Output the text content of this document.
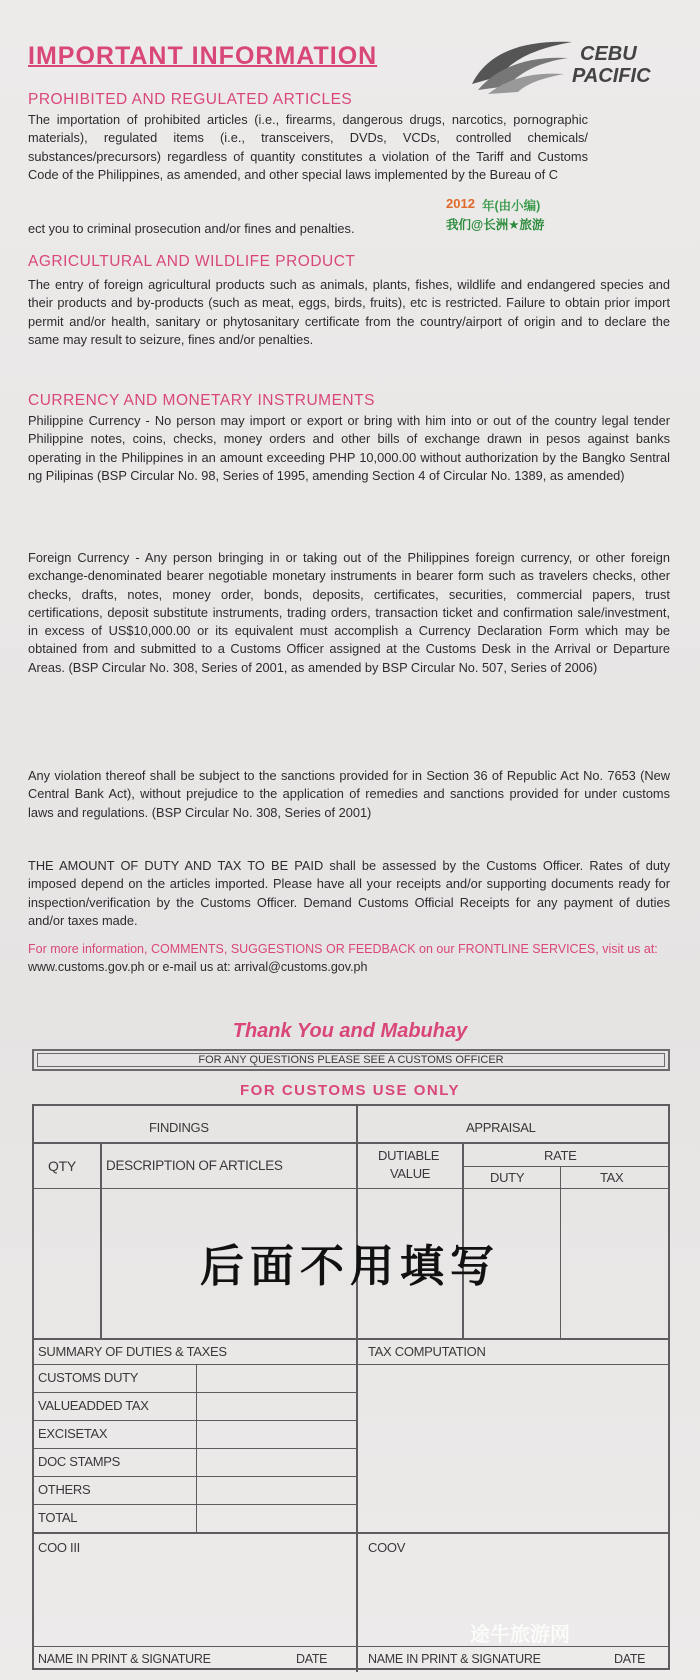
IMPORTANT INFORMATION	CEBU
PACIFIC
PROHIBITED AND REGULATED ARTICLES
The importation of prohibited articles (i.e., firearms, dangerous drugs, narcotics, pornographic materials), regulated items (i.e., transceivers, DVDs, VCDs, controlled chemicals/ substances/precursors) regardless of quantity constitutes a violation of the Tariff and Customs Code of the Philippines, as amended, and other special laws implemented by the Bureau of C
2012 年(由小编)
我们@长洲★旅游
ect you to criminal prosecution and/or fines and penalties.
AGRICULTURAL AND WILDLIFE PRODUCT
The entry of foreign agricultural products such as animals, plants, fishes, wildlife and endangered species and their products and by-products (such as meat, eggs, birds, fruits), etc is restricted. Failure to obtain prior import permit and/or health, sanitary or phytosanitary certificate from the country/airport of origin and to declare the same may result to seizure, fines and/or penalties.
CURRENCY AND MONETARY INSTRUMENTS
Philippine Currency - No person may import or export or bring with him into or out of the country legal tender Philippine notes, coins, checks, money orders and other bills of exchange drawn in pesos against banks operating in the Philippines in an amount exceeding PHP 10,000.00 without authorization by the Bangko Sentral ng Pilipinas (BSP Circular No. 98, Series of 1995, amending Section 4 of Circular No. 1389, as amended)
Foreign Currency - Any person bringing in or taking out of the Philippines foreign currency, or other foreign exchange-denominated bearer negotiable monetary instruments in bearer form such as travelers checks, other checks, drafts, notes, money order, bonds, deposits, certificates, securities, commercial papers, trust certifications, deposit substitute instruments, trading orders, transaction ticket and confirmation sale/investment, in excess of US$10,000.00 or its equivalent must accomplish a Currency Declaration Form which may be obtained from and submitted to a Customs Officer assigned at the Customs Desk in the Arrival or Departure Areas. (BSP Circular No. 308, Series of 2001, as amended by BSP Circular No. 507, Series of 2006)
Any violation thereof shall be subject to the sanctions provided for in Section 36 of Republic Act No. 7653 (New Central Bank Act), without prejudice to the application of remedies and sanctions provided for under customs laws and regulations. (BSP Circular No. 308, Series of 2001)
THE AMOUNT OF DUTY AND TAX TO BE PAID shall be assessed by the Customs Officer. Rates of duty imposed depend on the articles imported. Please have all your receipts and/or supporting documents ready for inspection/verification by the Customs Officer. Demand Customs Official Receipts for any payment of duties and/or taxes made.
For more information, COMMENTS, SUGGESTIONS OR FEEDBACK on our FRONTLINE SERVICES, visit us at: www.customs.gov.ph or e-mail us at: arrival@customs.gov.ph
Thank You and Mabuhay
FOR ANY QUESTIONS PLEASE SEE A CUSTOMS OFFICER
FOR CUSTOMS USE ONLY
FINDINGS	APPRAISAL
QTY DESCRIPTION OF ARTICLES
DUTIABLE
VALUE
RATE
DUTY	TAX
SUMMARY OF DUTIES & TAXES	TAX COMPUTATION
CUSTOMS DUTY
VALUEADDED TAX
EXCISETAX
DOC STAMPS
OTHERS
TOTAL
COO III	COOV
NAME IN PRINT & SIGNATURE	DATE	NAME IN PRINT & SIGNATURE	DATE
后面不用填写
途牛旅游网
